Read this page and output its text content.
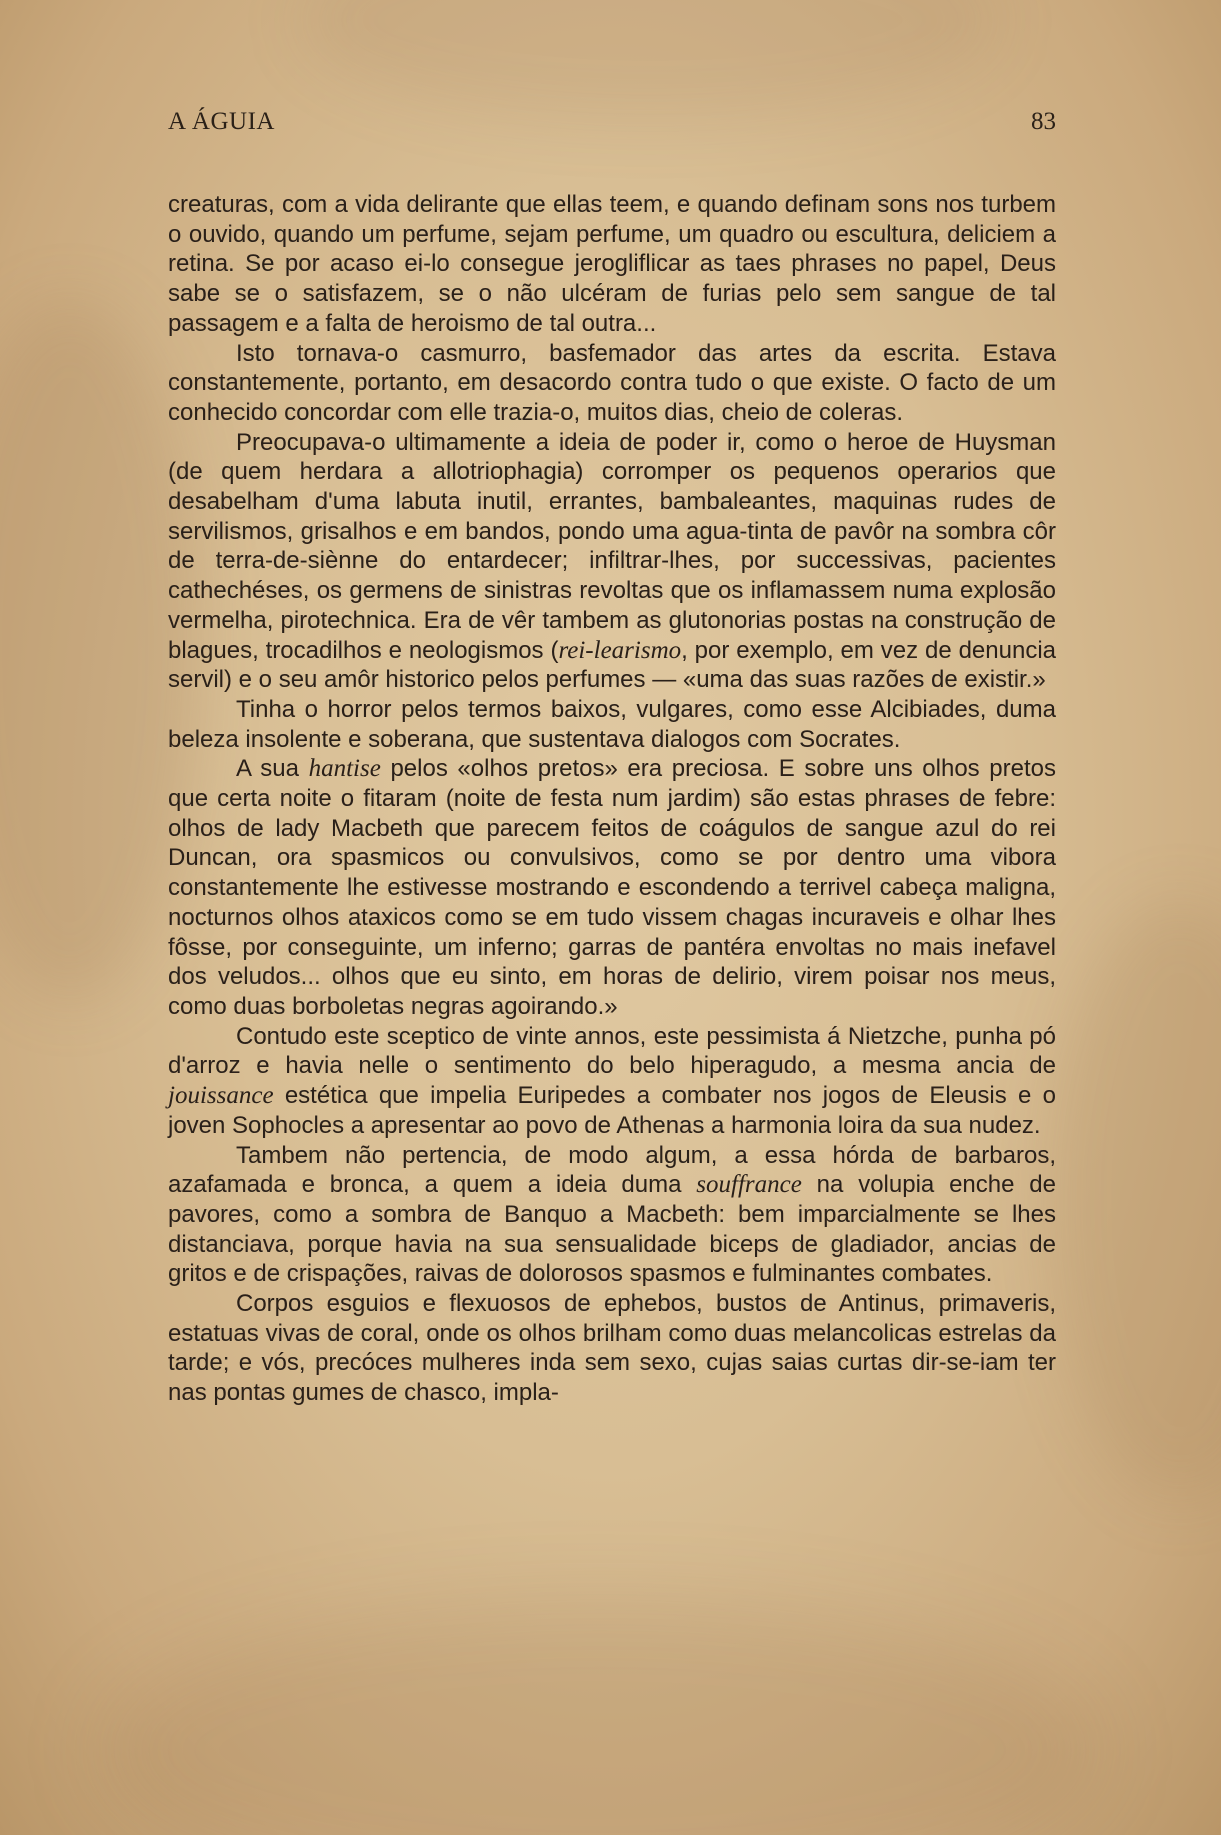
A ÁGUIA	83

creaturas, com a vida delirante que ellas teem, e quando definam sons nos turbem o ouvido, quando um perfume, sejam perfume, um quadro ou escultura, deliciem a retina. Se por acaso ei-lo consegue jerogliflicar as taes phrases no papel, Deus sabe se o satisfazem, se o não ulcéram de furias pelo sem sangue de tal passagem e a falta de heroismo de tal outra...

Isto tornava-o casmurro, basfemador das artes da escrita. Estava constantemente, portanto, em desacordo contra tudo o que existe. O facto de um conhecido concordar com elle trazia-o, muitos dias, cheio de coleras.

Preocupava-o ultimamente a ideia de poder ir, como o heroe de Huysman (de quem herdara a allotriophagia) corromper os pequenos operarios que desabelham d'uma labuta inutil, errantes, bambaleantes, maquinas rudes de servilismos, grisalhos e em bandos, pondo uma agua-tinta de pavôr na sombra côr de terra-de-siènne do entardecer; infiltrar-lhes, por successivas, pacientes cathechéses, os germens de sinistras revoltas que os inflamassem numa explosão vermelha, pirotechnica. Era de vêr tambem as glutonorias postas na construção de blagues, trocadilhos e neologismos (rei-learismo, por exemplo, em vez de denuncia servil) e o seu amôr historico pelos perfumes — «uma das suas razões de existir.»

Tinha o horror pelos termos baixos, vulgares, como esse Alcibiades, duma beleza insolente e soberana, que sustentava dialogos com Socrates.

A sua hantise pelos «olhos pretos» era preciosa. E sobre uns olhos pretos que certa noite o fitaram (noite de festa num jardim) são estas phrases de febre: olhos de lady Macbeth que parecem feitos de coágulos de sangue azul do rei Duncan, ora spasmicos ou convulsivos, como se por dentro uma vibora constantemente lhe estivesse mostrando e escondendo a terrivel cabeça maligna, nocturnos olhos ataxicos como se em tudo vissem chagas incuraveis e olhar lhes fôsse, por conseguinte, um inferno; garras de pantéra envoltas no mais inefavel dos veludos... olhos que eu sinto, em horas de delirio, virem poisar nos meus, como duas borboletas negras agoirando.»

Contudo este sceptico de vinte annos, este pessimista á Nietzche, punha pó d'arroz e havia nelle o sentimento do belo hiperagudo, a mesma ancia de jouissance estética que impelia Euripedes a combater nos jogos de Eleusis e o joven Sophocles a apresentar ao povo de Athenas a harmonia loira da sua nudez.

Tambem não pertencia, de modo algum, a essa hórda de barbaros, azafamada e bronca, a quem a ideia duma souffrance na volupia enche de pavores, como a sombra de Banquo a Macbeth: bem imparcialmente se lhes distanciava, porque havia na sua sensualidade biceps de gladiador, ancias de gritos e de crispações, raivas de dolorosos spasmos e fulminantes combates.

Corpos esguios e flexuosos de ephebos, bustos de Antinus, primaveris, estatuas vivas de coral, onde os olhos brilham como duas melancolicas estrelas da tarde; e vós, precóces mulheres inda sem sexo, cujas saias curtas dir-se-iam ter nas pontas gumes de chasco, impla-
